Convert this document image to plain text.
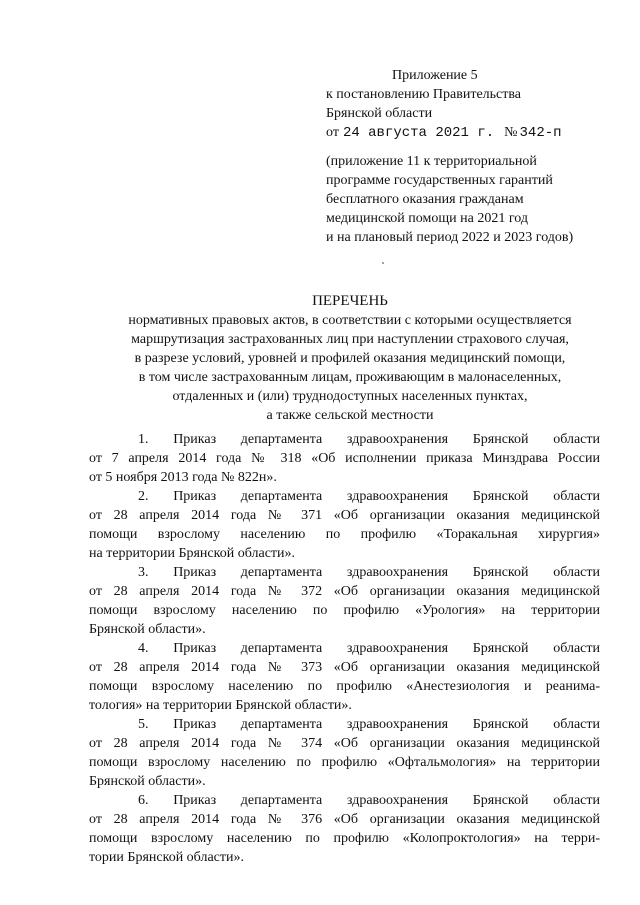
Приложение 5
к постановлению Правительства
Брянской области
от 24 августа 2021 г. № 342-п
(приложение 11 к территориальной
программе государственных гарантий
бесплатного оказания гражданам
медицинской помощи на 2021 год
и на плановый период 2022 и 2023 годов)
ПЕРЕЧЕНЬ
нормативных правовых актов, в соответствии с которыми осуществляется
маршрутизация застрахованных лиц при наступлении страхового случая,
в разрезе условий, уровней и профилей оказания медицинский помощи,
в том числе застрахованным лицам, проживающим в малонаселенных,
отдаленных и (или) труднодоступных населенных пунктах,
а также сельской местности
1. Приказ департамента здравоохранения Брянской области
от 7 апреля 2014 года № 318 «Об исполнении приказа Минздрава России
от 5 ноября 2013 года № 822н».
2. Приказ департамента здравоохранения Брянской области
от 28 апреля 2014 года № 371 «Об организации оказания медицинской
помощи взрослому населению по профилю «Торакальная хирургия»
на территории Брянской области».
3. Приказ департамента здравоохранения Брянской области
от 28 апреля 2014 года № 372 «Об организации оказания медицинской
помощи взрослому населению по профилю «Урология» на территории
Брянской области».
4. Приказ департамента здравоохранения Брянской области
от 28 апреля 2014 года № 373 «Об организации оказания медицинской
помощи взрослому населению по профилю «Анестезиология и реанима-
тология» на территории Брянской области».
5. Приказ департамента здравоохранения Брянской области
от 28 апреля 2014 года № 374 «Об организации оказания медицинской
помощи взрослому населению по профилю «Офтальмология» на территории
Брянской области».
6. Приказ департамента здравоохранения Брянской области
от 28 апреля 2014 года № 376 «Об организации оказания медицинской
помощи взрослому населению по профилю «Колопроктология» на терри-
тории Брянской области».
